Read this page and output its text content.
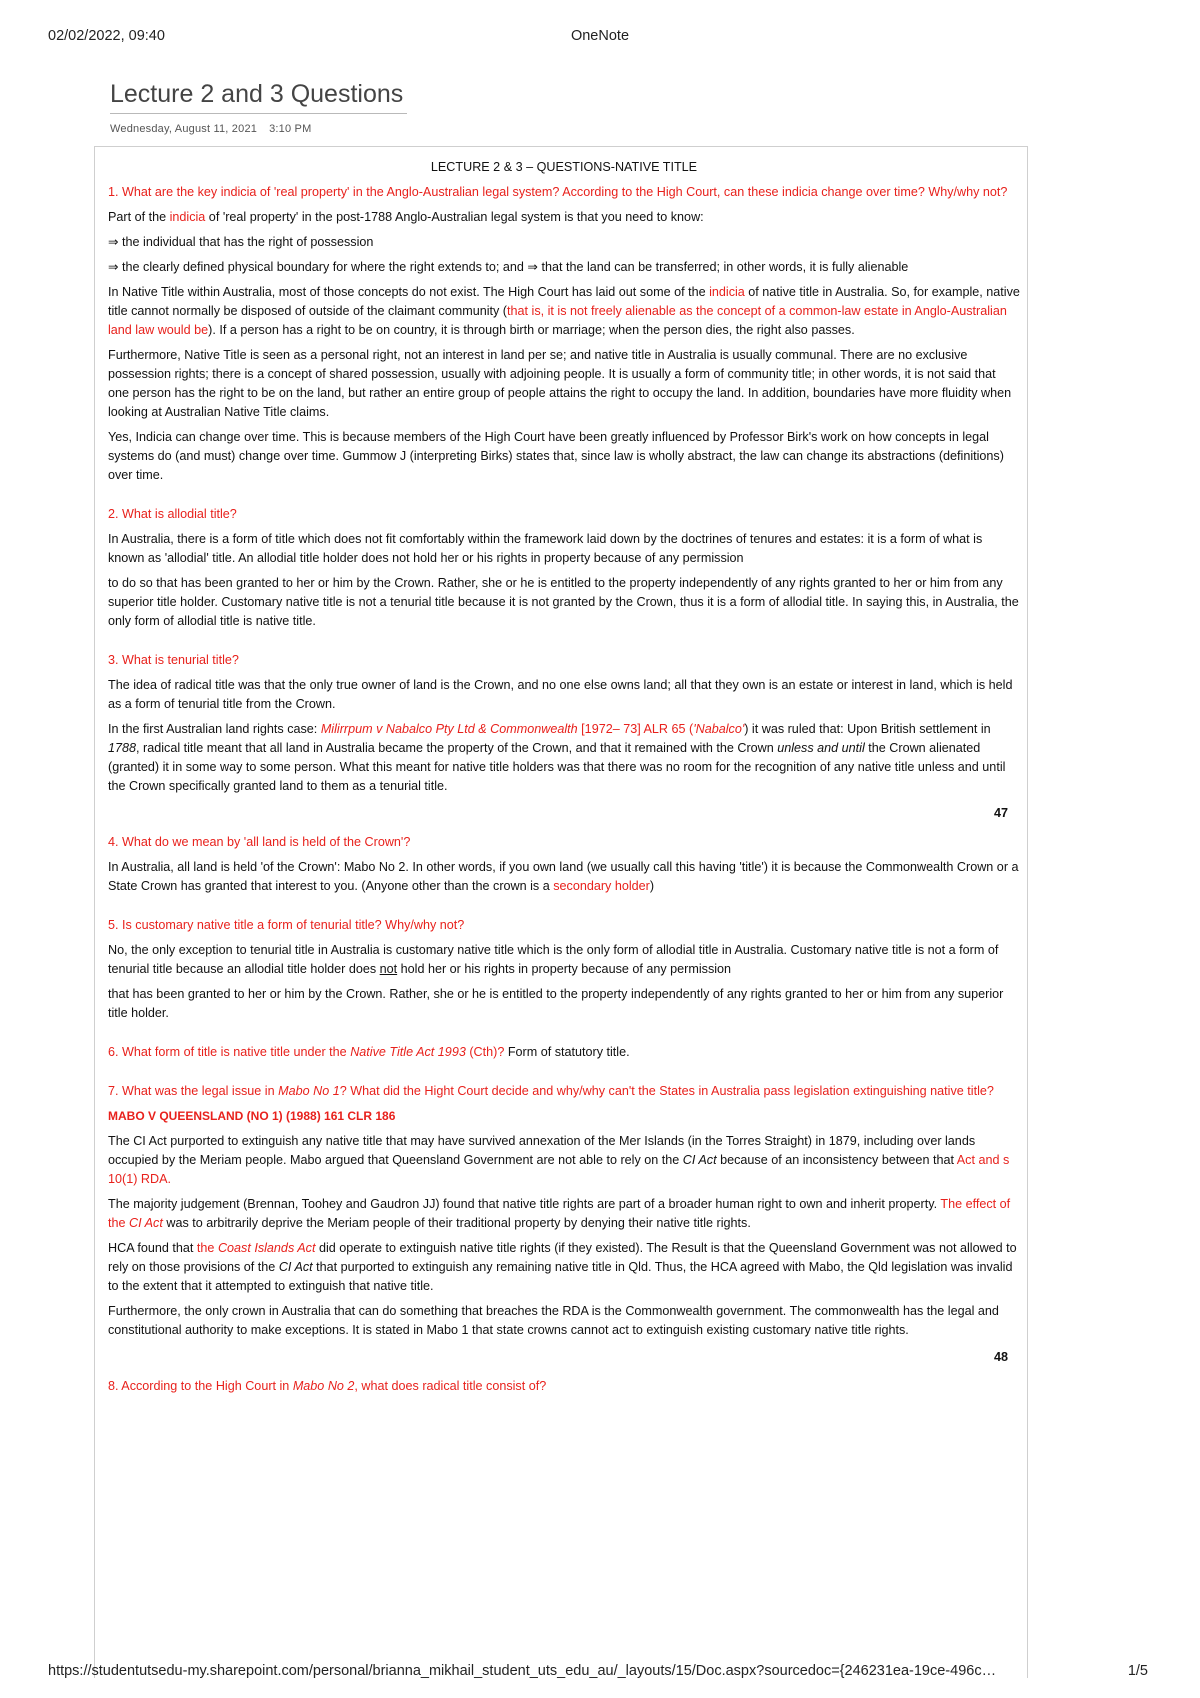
02/02/2022, 09:40	OneNote
Lecture 2 and 3 Questions
Wednesday, August 11, 2021 3:10 PM
LECTURE 2 & 3 – QUESTIONS-NATIVE TITLE

1. What are the key indicia of 'real property' in the Anglo-Australian legal system? According to the High Court, can these indicia change over time? Why/why not?

Part of the indicia of 'real property' in the post-1788 Anglo-Australian legal system is that you need to know:

⇒ the individual that has the right of possession

⇒ the clearly defined physical boundary for where the right extends to; and ⇒ that the land can be transferred; in other words, it is fully alienable

In Native Title within Australia, most of those concepts do not exist. The High Court has laid out some of the indicia of native title in Australia. So, for example, native title cannot normally be disposed of outside of the claimant community (that is, it is not freely alienable as the concept of a common-law estate in Anglo-Australian land law would be). If a person has a right to be on country, it is through birth or marriage; when the person dies, the right also passes.

Furthermore, Native Title is seen as a personal right, not an interest in land per se; and native title in Australia is usually communal. There are no exclusive possession rights; there is a concept of shared possession, usually with adjoining people. It is usually a form of community title; in other words, it is not said that one person has the right to be on the land, but rather an entire group of people attains the right to occupy the land. In addition, boundaries have more fluidity when looking at Australian Native Title claims.

Yes, Indicia can change over time. This is because members of the High Court have been greatly influenced by Professor Birk's work on how concepts in legal systems do (and must) change over time. Gummow J (interpreting Birks) states that, since law is wholly abstract, the law can change its abstractions (definitions) over time.

2. What is allodial title?

In Australia, there is a form of title which does not fit comfortably within the framework laid down by the doctrines of tenures and estates: it is a form of what is known as 'allodial' title. An allodial title holder does not hold her or his rights in property because of any permission

to do so that has been granted to her or him by the Crown. Rather, she or he is entitled to the property independently of any rights granted to her or him from any superior title holder. Customary native title is not a tenurial title because it is not granted by the Crown, thus it is a form of allodial title. In saying this, in Australia, the only form of allodial title is native title.

3. What is tenurial title?

The idea of radical title was that the only true owner of land is the Crown, and no one else owns land; all that they own is an estate or interest in land, which is held as a form of tenurial title from the Crown.

In the first Australian land rights case: Milirrpum v Nabalco Pty Ltd & Commonwealth [1972– 73] ALR 65 ('Nabalco') it was ruled that: Upon British settlement in 1788, radical title meant that all land in Australia became the property of the Crown, and that it remained with the Crown unless and until the Crown alienated (granted) it in some way to some person. What this meant for native title holders was that there was no room for the recognition of any native title unless and until the Crown specifically granted land to them as a tenurial title.

47

4. What do we mean by 'all land is held of the Crown'?

In Australia, all land is held 'of the Crown': Mabo No 2. In other words, if you own land (we usually call this having 'title') it is because the Commonwealth Crown or a State Crown has granted that interest to you. (Anyone other than the crown is a secondary holder)

5. Is customary native title a form of tenurial title? Why/why not?

No, the only exception to tenurial title in Australia is customary native title which is the only form of allodial title in Australia. Customary native title is not a form of tenurial title because an allodial title holder does not hold her or his rights in property because of any permission

that has been granted to her or him by the Crown. Rather, she or he is entitled to the property independently of any rights granted to her or him from any superior title holder.

6. What form of title is native title under the Native Title Act 1993 (Cth)? Form of statutory title.

7. What was the legal issue in Mabo No 1? What did the Hight Court decide and why/why can't the States in Australia pass legislation extinguishing native title?

MABO V QUEENSLAND (NO 1) (1988) 161 CLR 186

The CI Act purported to extinguish any native title that may have survived annexation of the Mer Islands (in the Torres Straight) in 1879, including over lands occupied by the Meriam people. Mabo argued that Queensland Government are not able to rely on the CI Act because of an inconsistency between that Act and s 10(1) RDA.

The majority judgement (Brennan, Toohey and Gaudron JJ) found that native title rights are part of a broader human right to own and inherit property. The effect of the CI Act was to arbitrarily deprive the Meriam people of their traditional property by denying their native title rights.

HCA found that the Coast Islands Act did operate to extinguish native title rights (if they existed). The Result is that the Queensland Government was not allowed to rely on those provisions of the CI Act that purported to extinguish any remaining native title in Qld. Thus, the HCA agreed with Mabo, the Qld legislation was invalid to the extent that it attempted to extinguish that native title.

Furthermore, the only crown in Australia that can do something that breaches the RDA is the Commonwealth government. The commonwealth has the legal and constitutional authority to make exceptions. It is stated in Mabo 1 that state crowns cannot act to extinguish existing customary native title rights.

48

8. According to the High Court in Mabo No 2, what does radical title consist of?

https://studentutsedu-my.sharepoint.com/personal/brianna_mikhail_student_uts_edu_au/_layouts/15/Doc.aspx?sourcedoc={246231ea-19ce-496c…	1/5
